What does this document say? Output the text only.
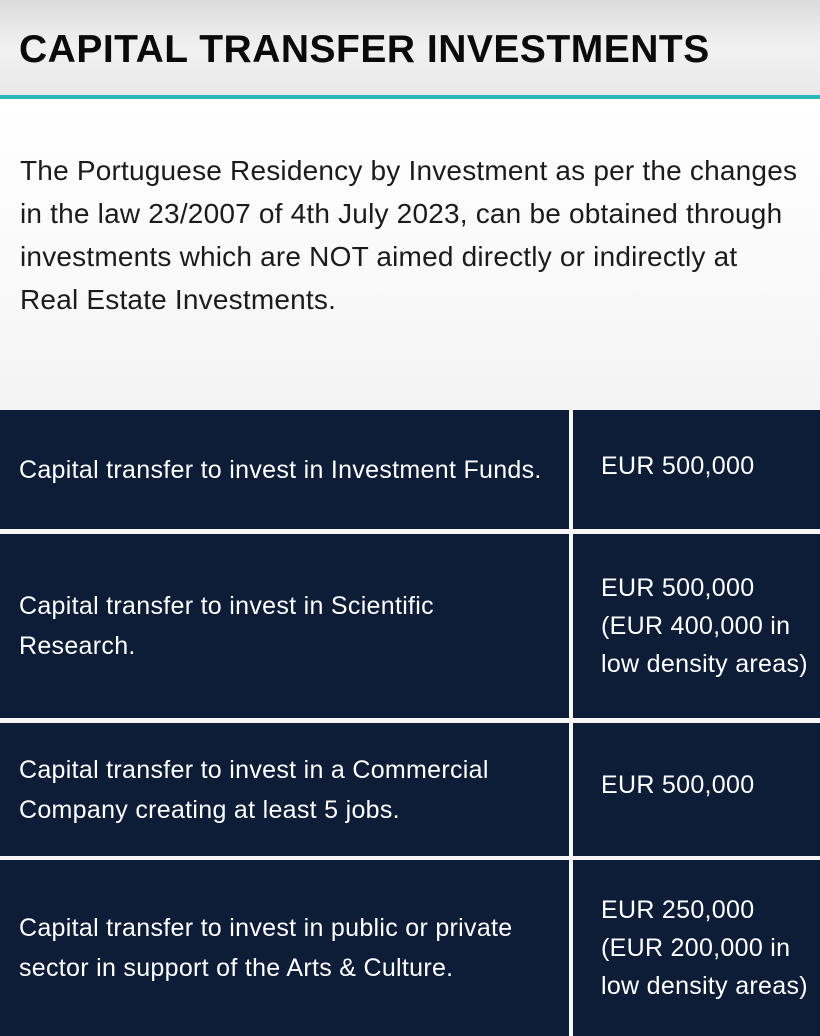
CAPITAL TRANSFER INVESTMENTS

The Portuguese Residency by Investment as per the changes in the law 23/2007 of 4th July 2023, can be obtained through investments which are NOT aimed directly or indirectly at Real Estate Investments.

Capital transfer to invest in Investment Funds.	EUR 500,000
Capital transfer to invest in Scientific Research.
EUR 500,000
(EUR 400,000 in low density areas)
Capital transfer to invest in a Commercial Company creating at least 5 jobs.
EUR 500,000
Capital transfer to invest in public or private sector in support of the Arts & Culture.
EUR 250,000
(EUR 200,000 in low density areas)
